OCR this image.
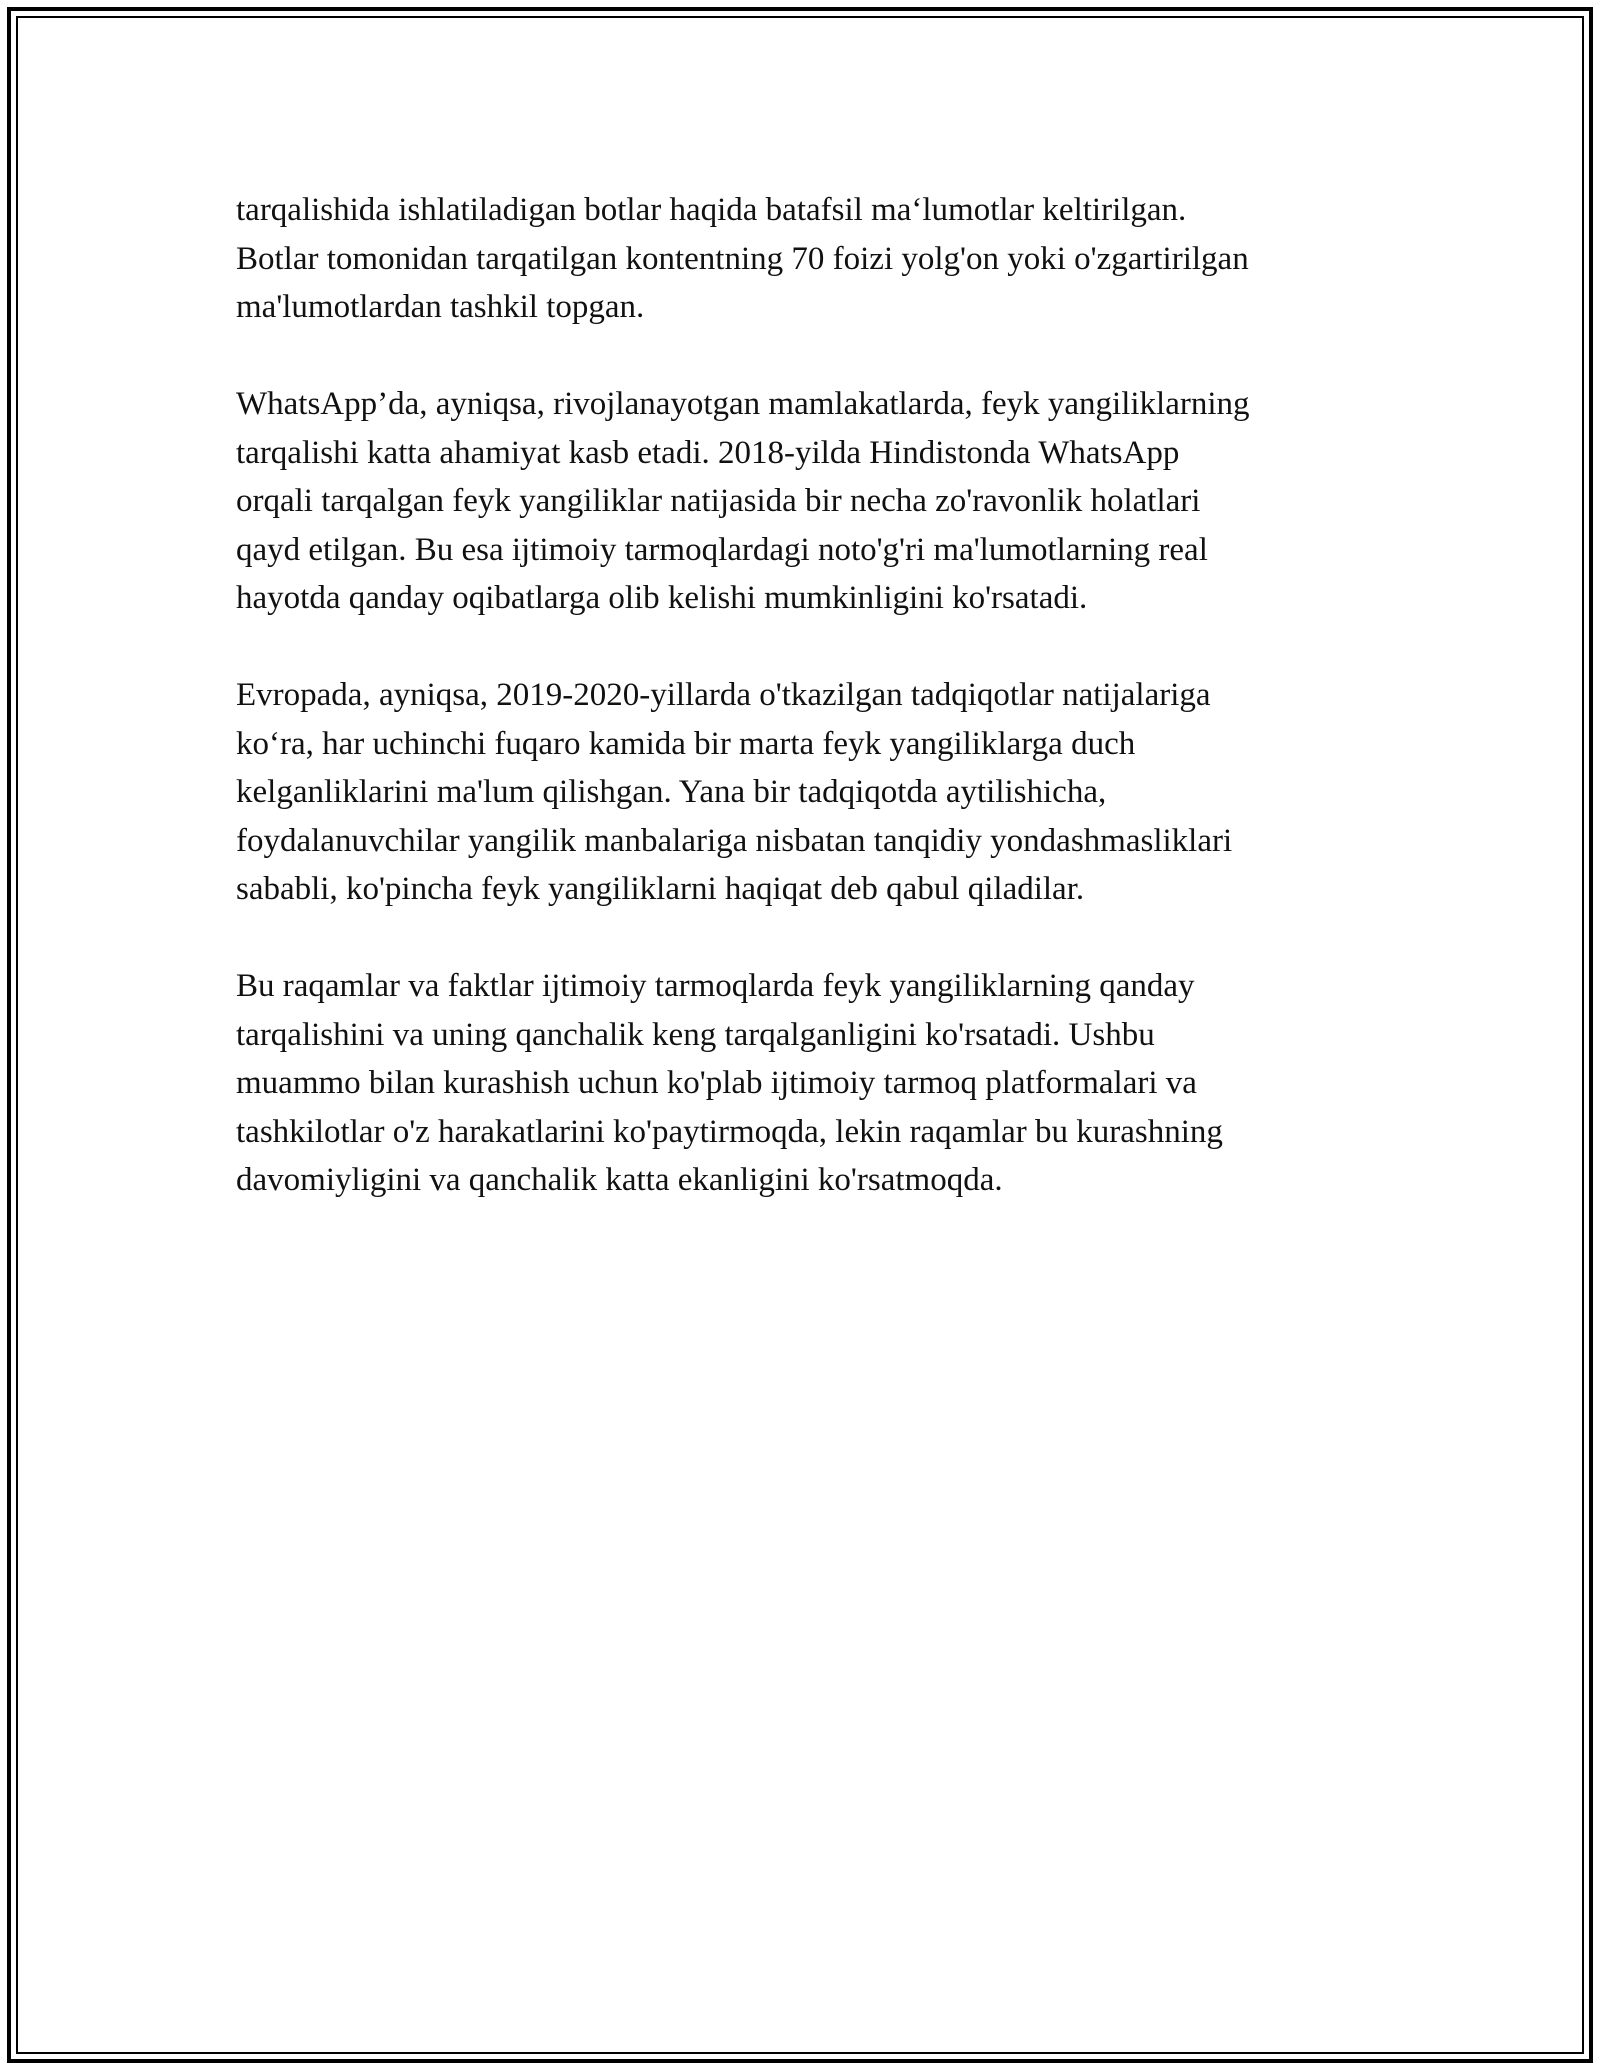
tarqalishida ishlatiladigan botlar haqida batafsil maʻlumotlar keltirilgan.
Botlar tomonidan tarqatilgan kontentning 70 foizi yolg'on yoki o'zgartirilgan
ma'lumotlardan tashkil topgan.

WhatsApp’da, ayniqsa, rivojlanayotgan mamlakatlarda, feyk yangiliklarning
tarqalishi katta ahamiyat kasb etadi. 2018-yilda Hindistonda WhatsApp
orqali tarqalgan feyk yangiliklar natijasida bir necha zo'ravonlik holatlari
qayd etilgan. Bu esa ijtimoiy tarmoqlardagi noto'g'ri ma'lumotlarning real
hayotda qanday oqibatlarga olib kelishi mumkinligini ko'rsatadi.

Evropada, ayniqsa, 2019-2020-yillarda o'tkazilgan tadqiqotlar natijalariga
koʻra, har uchinchi fuqaro kamida bir marta feyk yangiliklarga duch
kelganliklarini ma'lum qilishgan. Yana bir tadqiqotda aytilishicha,
foydalanuvchilar yangilik manbalariga nisbatan tanqidiy yondashmasliklari
sababli, ko'pincha feyk yangiliklarni haqiqat deb qabul qiladilar.

Bu raqamlar va faktlar ijtimoiy tarmoqlarda feyk yangiliklarning qanday
tarqalishini va uning qanchalik keng tarqalganligini ko'rsatadi. Ushbu
muammo bilan kurashish uchun ko'plab ijtimoiy tarmoq platformalari va
tashkilotlar o'z harakatlarini ko'paytirmoqda, lekin raqamlar bu kurashning
davomiyligini va qanchalik katta ekanligini ko'rsatmoqda.
